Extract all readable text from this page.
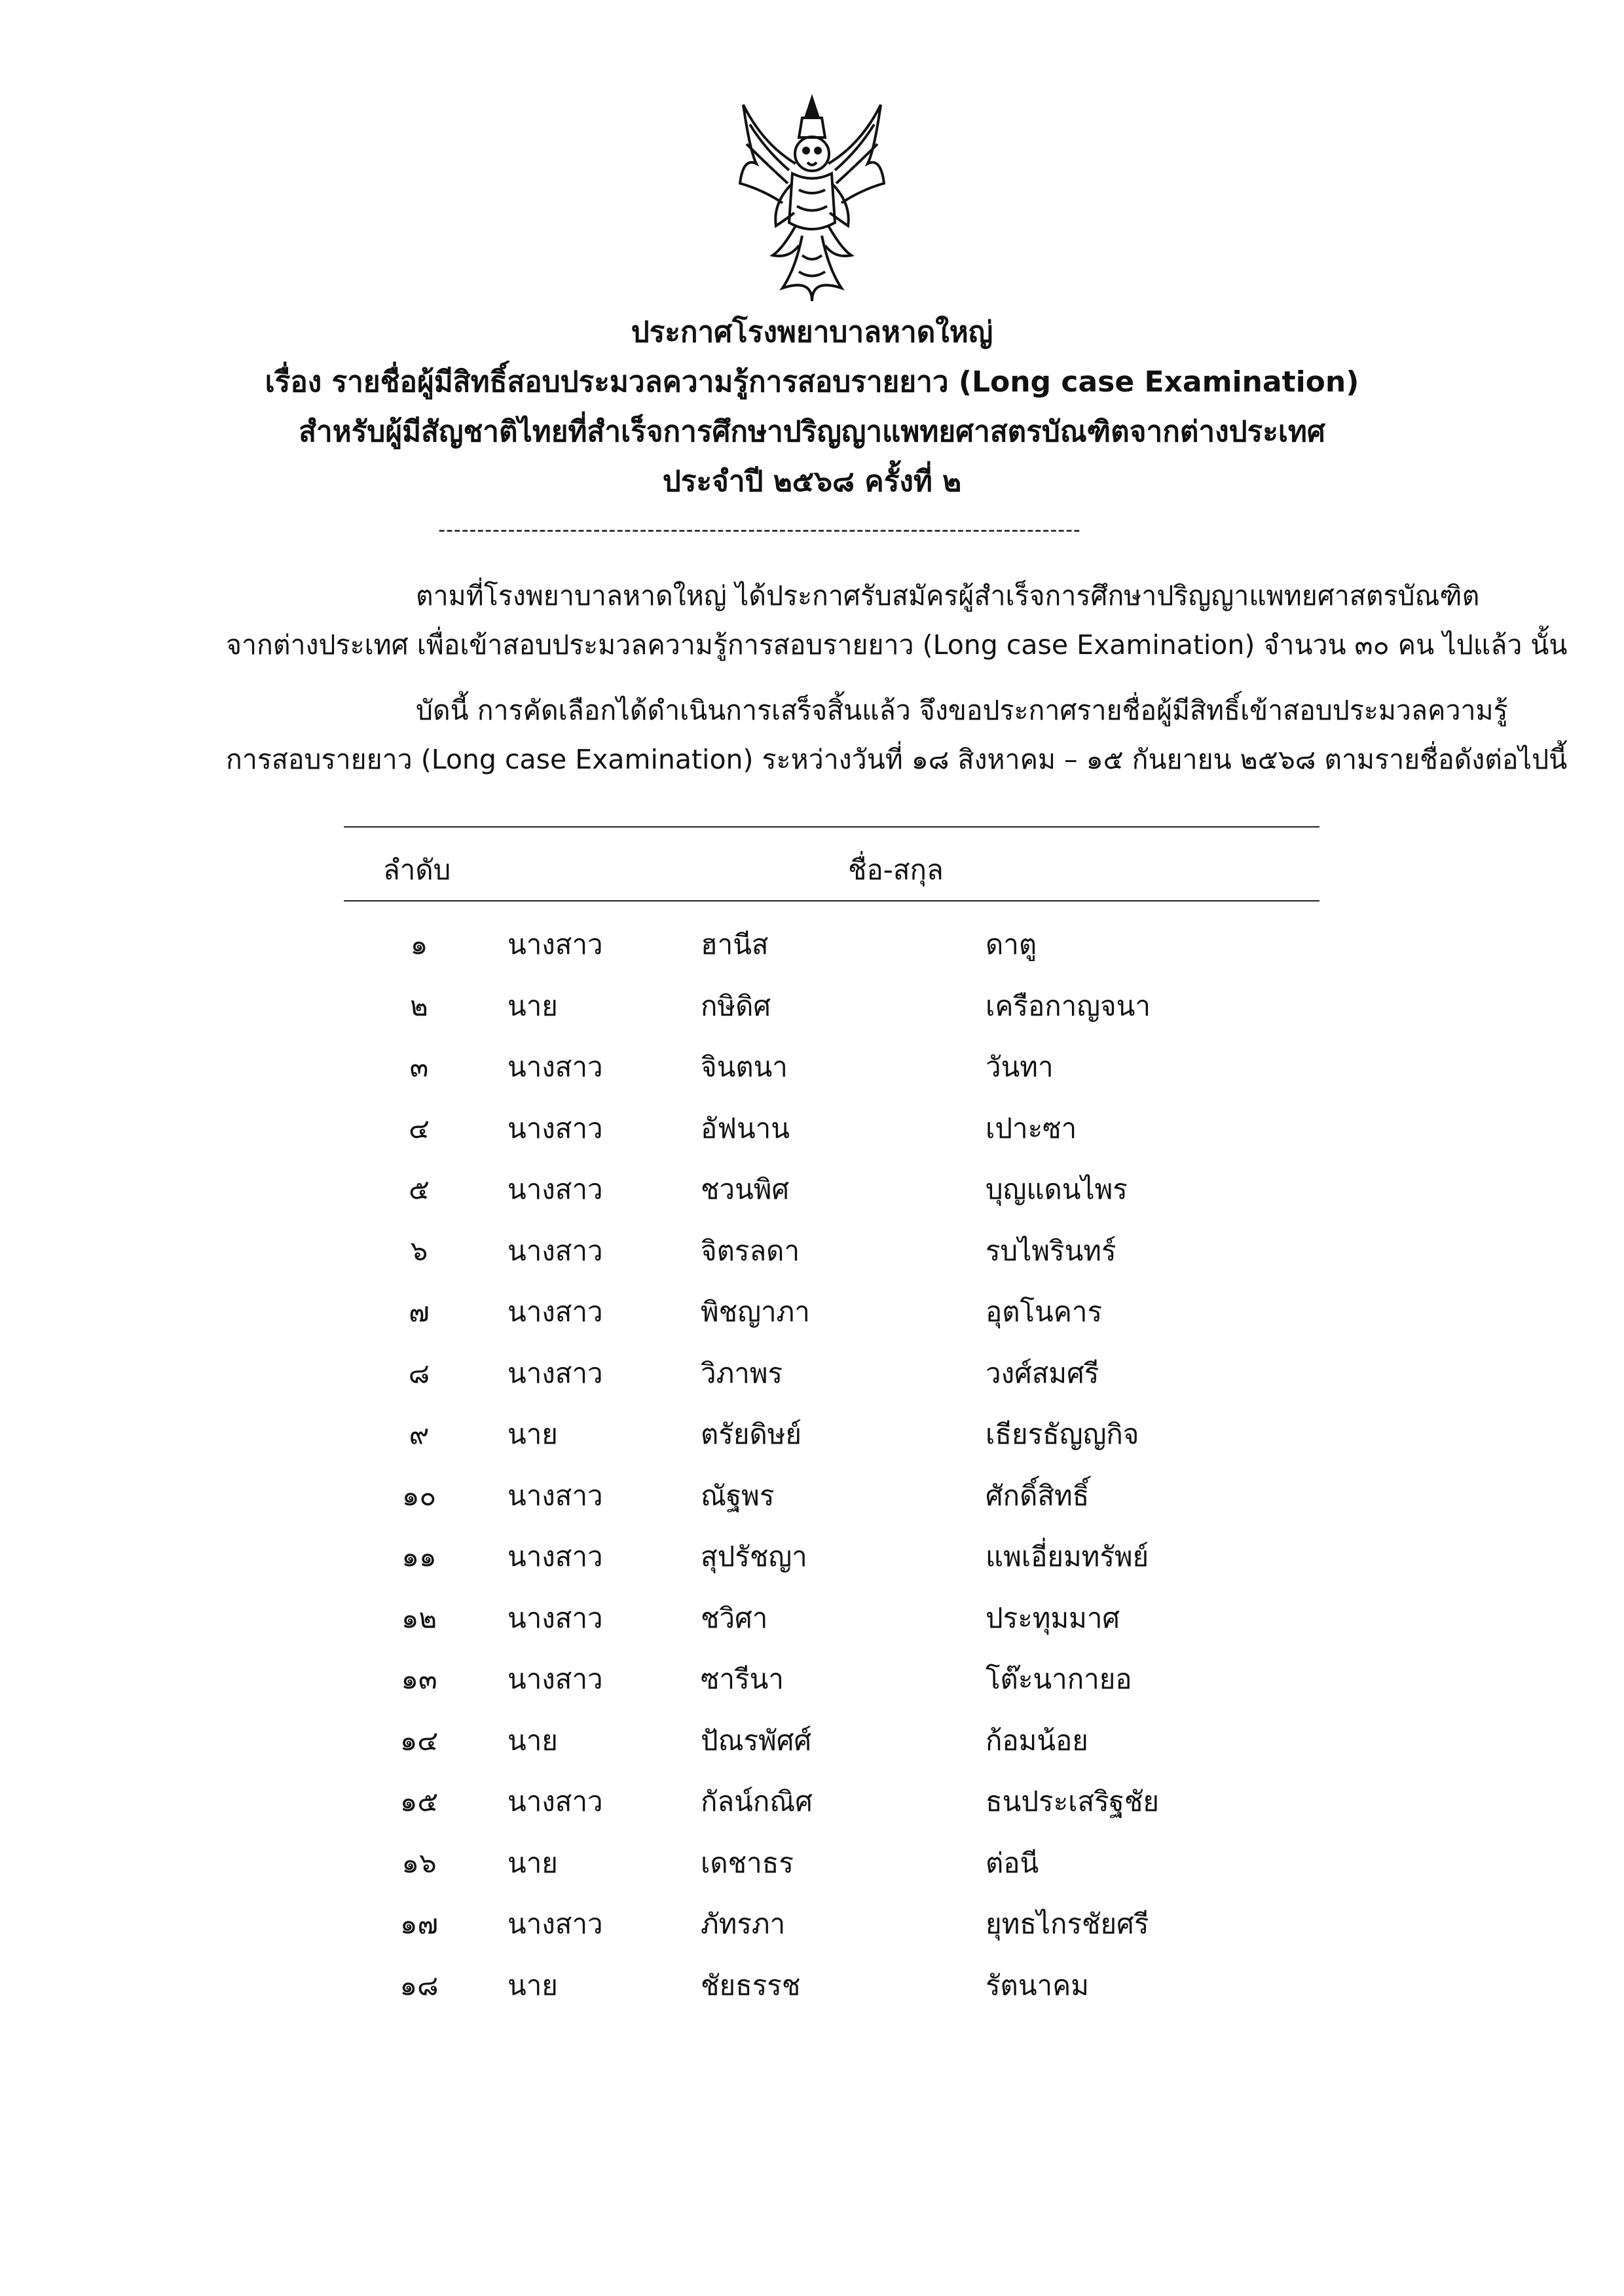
ประกาศโรงพยาบาลหาดใหญ่
เรื่อง รายชื่อผู้มีสิทธิ์สอบประมวลความรู้การสอบรายยาว (Long case Examination)
สำหรับผู้มีสัญชาติไทยที่สำเร็จการศึกษาปริญญาแพทยศาสตรบัณฑิตจากต่างประเทศ
ประจำปี ๒๕๖๘ ครั้งที่ ๒
-----------------------------------------------------------------------------------
ตามที่โรงพยาบาลหาดใหญ่ ได้ประกาศรับสมัครผู้สำเร็จการศึกษาปริญญาแพทยศาสตรบัณฑิต
จากต่างประเทศ เพื่อเข้าสอบประมวลความรู้การสอบรายยาว (Long case Examination) จำนวน ๓๐ คน ไปแล้ว นั้น
บัดนี้ การคัดเลือกได้ดำเนินการเสร็จสิ้นแล้ว จึงขอประกาศรายชื่อผู้มีสิทธิ์เข้าสอบประมวลความรู้
การสอบรายยาว (Long case Examination) ระหว่างวันที่ ๑๘ สิงหาคม – ๑๕ กันยายน ๒๕๖๘ ตามรายชื่อดังต่อไปนี้
ลำดับ	ชื่อ-สกุล
๑	นางสาว	ฮานีส	ดาตู
๒	นาย	กษิดิศ	เครือกาญจนา
๓	นางสาว	จินตนา	วันทา
๔	นางสาว	อัฟนาน	เปาะซา
๕	นางสาว	ชวนพิศ	บุญแดนไพร
๖	นางสาว	จิตรลดา	รบไพรินทร์
๗	นางสาว	พิชญาภา	อุตโนคาร
๘	นางสาว	วิภาพร	วงศ์สมศรี
๙	นาย	ตรัยดิษย์	เธียรธัญญกิจ
๑๐	นางสาว	ณัฐพร	ศักดิ์สิทธิ์
๑๑	นางสาว	สุปรัชญา	แพเอี่ยมทรัพย์
๑๒	นางสาว	ชวิศา	ประทุมมาศ
๑๓	นางสาว	ซารีนา	โต๊ะนากายอ
๑๔	นาย	ปัณรพัศศ์	ก้อมน้อย
๑๕	นางสาว	กัลน์กณิศ	ธนประเสริฐชัย
๑๖	นาย	เดชาธร	ต่อนี
๑๗	นางสาว	ภัทรภา	ยุทธไกรชัยศรี
๑๘	นาย	ชัยธรรช	รัตนาคม
